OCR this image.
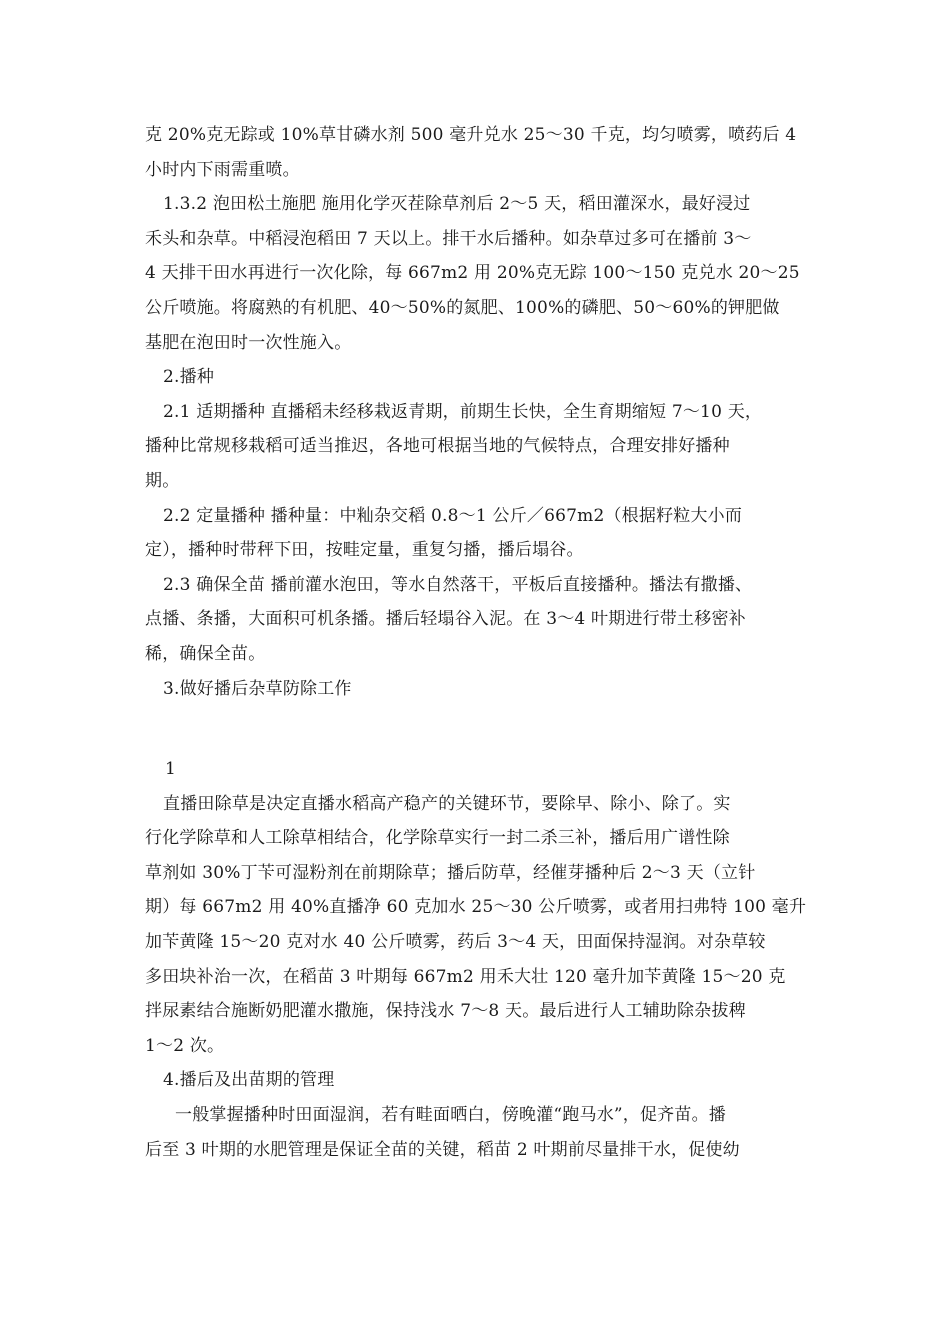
克 20%克无踪或 10%草甘磷水剂 500 毫升兑水 25～30 千克，均匀喷雾，喷药后 4
小时内下雨需重喷。
1.3.2 泡田松土施肥 施用化学灭茬除草剂后 2～5 天，稻田灌深水，最好浸过
禾头和杂草。中稻浸泡稻田 7 天以上。排干水后播种。如杂草过多可在播前 3～
4 天排干田水再进行一次化除，每 667m2 用 20%克无踪 100～150 克兑水 20～25
公斤喷施。将腐熟的有机肥、40～50%的氮肥、100%的磷肥、50～60%的钾肥做
基肥在泡田时一次性施入。
2.播种
2.1 适期播种 直播稻未经移栽返青期，前期生长快，全生育期缩短 7～10 天，
播种比常规移栽稻可适当推迟，各地可根据当地的气候特点，合理安排好播种
期。
2.2 定量播种 播种量：中籼杂交稻 0.8～1 公斤／667m2（根据籽粒大小而
定），播种时带秤下田，按畦定量，重复匀播，播后塌谷。
2.3 确保全苗 播前灌水泡田，等水自然落干，平板后直接播种。播法有撒播、
点播、条播，大面积可机条播。播后轻塌谷入泥。在 3～4 叶期进行带土移密补
稀，确保全苗。
3.做好播后杂草防除工作
1
直播田除草是决定直播水稻高产稳产的关键环节，要除早、除小、除了。实
行化学除草和人工除草相结合，化学除草实行一封二杀三补，播后用广谱性除
草剂如 30%丁苄可湿粉剂在前期除草；播后防草，经催芽播种后 2～3 天（立针
期）每 667m2 用 40%直播净 60 克加水 25～30 公斤喷雾，或者用扫弗特 100 毫升
加苄黄隆 15～20 克对水 40 公斤喷雾，药后 3～4 天，田面保持湿润。对杂草较
多田块补治一次，在稻苗 3 叶期每 667m2 用禾大壮 120 毫升加苄黄隆 15～20 克
拌尿素结合施断奶肥灌水撒施，保持浅水 7～8 天。最后进行人工辅助除杂拔稗
1～2 次。
4.播后及出苗期的管理
一般掌握播种时田面湿润，若有畦面晒白，傍晚灌“跑马水”，促齐苗。播
后至 3 叶期的水肥管理是保证全苗的关键，稻苗 2 叶期前尽量排干水，促使幼
